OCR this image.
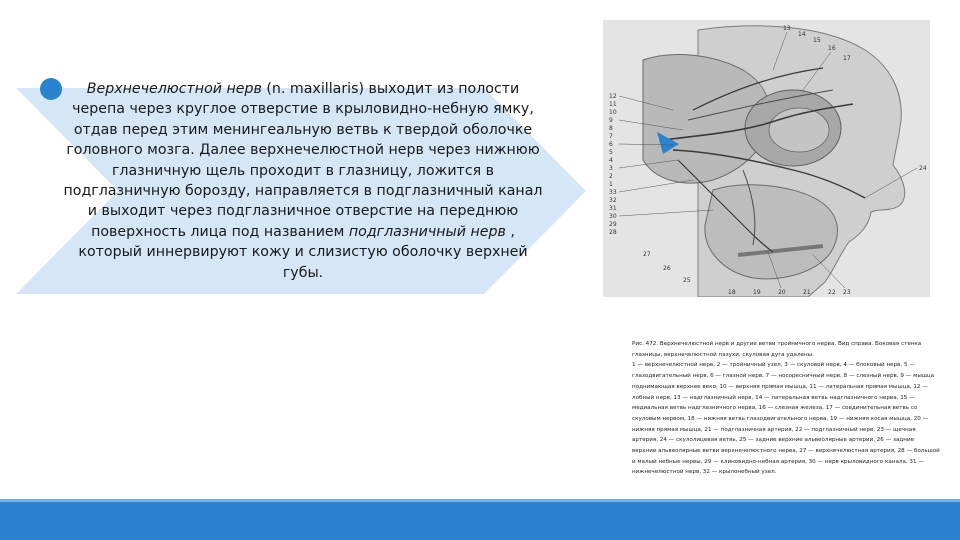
Верхнечелюстной нерв (n. maxillaris) выходит из полости черепа через круглое отверстие в крыловидно-небную ямку, отдав перед этим менингеальную ветвь к твердой оболочке головного мозга. Далее верхнечелюстной нерв через нижнюю глазничную щель проходит в глазницу, ложится в подглазничную борозду, направляется в подглазничный канал и выходит через подглазничное отверстие на переднюю поверхность лица под названием подглазничный нерв , который иннервируют кожу и слизистую оболочку верхней губы.
13
14
15
16
17
12
11
10
9
8
7
6
5
4
3
2
1
33
32
31
30
29
28
27
26
25
24
23
22
21
20
19
18

Рис. 472. Верхнечелюстной нерв и другие ветви тройничного нерва. Вид справа. Боковая стенка глазницы, верхнечелюстной пазухи, скуловая дуга удалены.

1 — верхнечелюстной нерв, 2 — тройничный узел, 3 — скуловой нерв, 4 — блоковый нерв, 5 — глазодвигательный нерв, 6 — глазной нерв, 7 — носоресничный нерв, 8 — слезный нерв, 9 — мышца поднимающая верхнее веко, 10 — верхняя прямая мышца, 11 — латеральная прямая мышца, 12 — лобный нерв, 13 — надглазничный нерв, 14 — латеральная ветвь надглазничного нерва, 15 — медиальная ветвь надглазничного нерва, 16 — слезная железа, 17 — соединительная ветвь со скуловым нервом, 18 — нижняя ветвь глазодвигательного нерва, 19 — нижняя косая мышца, 20 — нижняя прямая мышца, 21 — подглазничная артерия, 22 — подглазничный нерв, 23 — щечная артерия, 24 — скулолицевая ветвь, 25 — задние верхние альвеолярные артерии, 26 — задние верхние альвеолярные ветви верхнечелюстного нерва, 27 — верхнечелюстная артерия, 28 — большой и малый небные нервы, 29 — клиновидно-небная артерия, 30 — нерв крыловидного канала, 31 — нижнечелюстной нерв, 32 — крылонебный узел.
